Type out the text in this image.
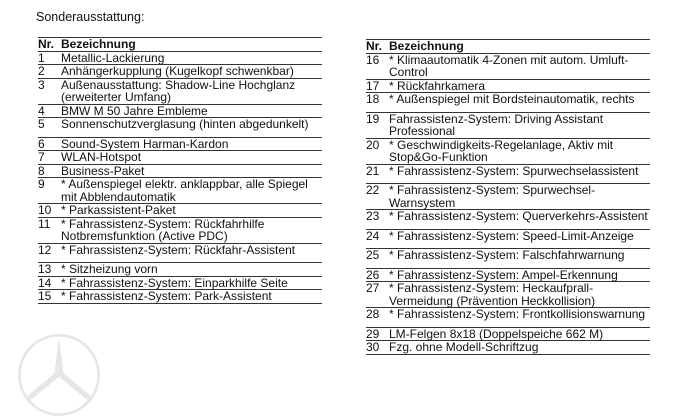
Sonderausstattung:
Nr.	Bezeichnung
1	Metallic-Lackierung
2	Anhängerkupplung (Kugelkopf schwenkbar)
3	Außenausstattung: Shadow-Line Hochglanz (erweiterter Umfang)
4	BMW M 50 Jahre Embleme
5	Sonnenschutzverglasung (hinten abgedunkelt)

6	Sound-System Harman-Kardon
7	WLAN-Hotspot
8	Business-Paket
9	* Außenspiegel elektr. anklappbar, alle Spiegel mit Abblendautomatik
10	* Parkassistent-Paket
11	* Fahrassistenz-System: Rückfahrhilfe Notbremsfunktion (Active PDC)
12	* Fahrassistenz-System: Rückfahr-Assistent

13	* Sitzheizung vorn
14	* Fahrassistenz-System: Einparkhilfe Seite
15	* Fahrassistenz-System: Park-Assistent
Nr.	Bezeichnung
16	* Klimaautomatik 4-Zonen mit autom. Umluft-Control
17	* Rückfahrkamera
18	* Außenspiegel mit Bordsteinautomatik, rechts

19	Fahrassistenz-System: Driving Assistant Professional
20	* Geschwindigkeits-Regelanlage, Aktiv mit Stop&Go-Funktion
21	* Fahrassistenz-System: Spurwechselassistent

22	* Fahrassistenz-System: Spurwechsel-Warnsystem
23	* Fahrassistenz-System: Querverkehrs-Assistent

24	* Fahrassistenz-System: Speed-Limit-Anzeige

25	* Fahrassistenz-System: Falschfahrwarnung

26	* Fahrassistenz-System: Ampel-Erkennung
27	* Fahrassistenz-System: Heckaufprall-Vermeidung (Prävention Heckkollision)
28	* Fahrassistenz-System: Frontkollisionswarnung

29	LM-Felgen 8x18 (Doppelspeiche 662 M)
30	Fzg. ohne Modell-Schriftzug
